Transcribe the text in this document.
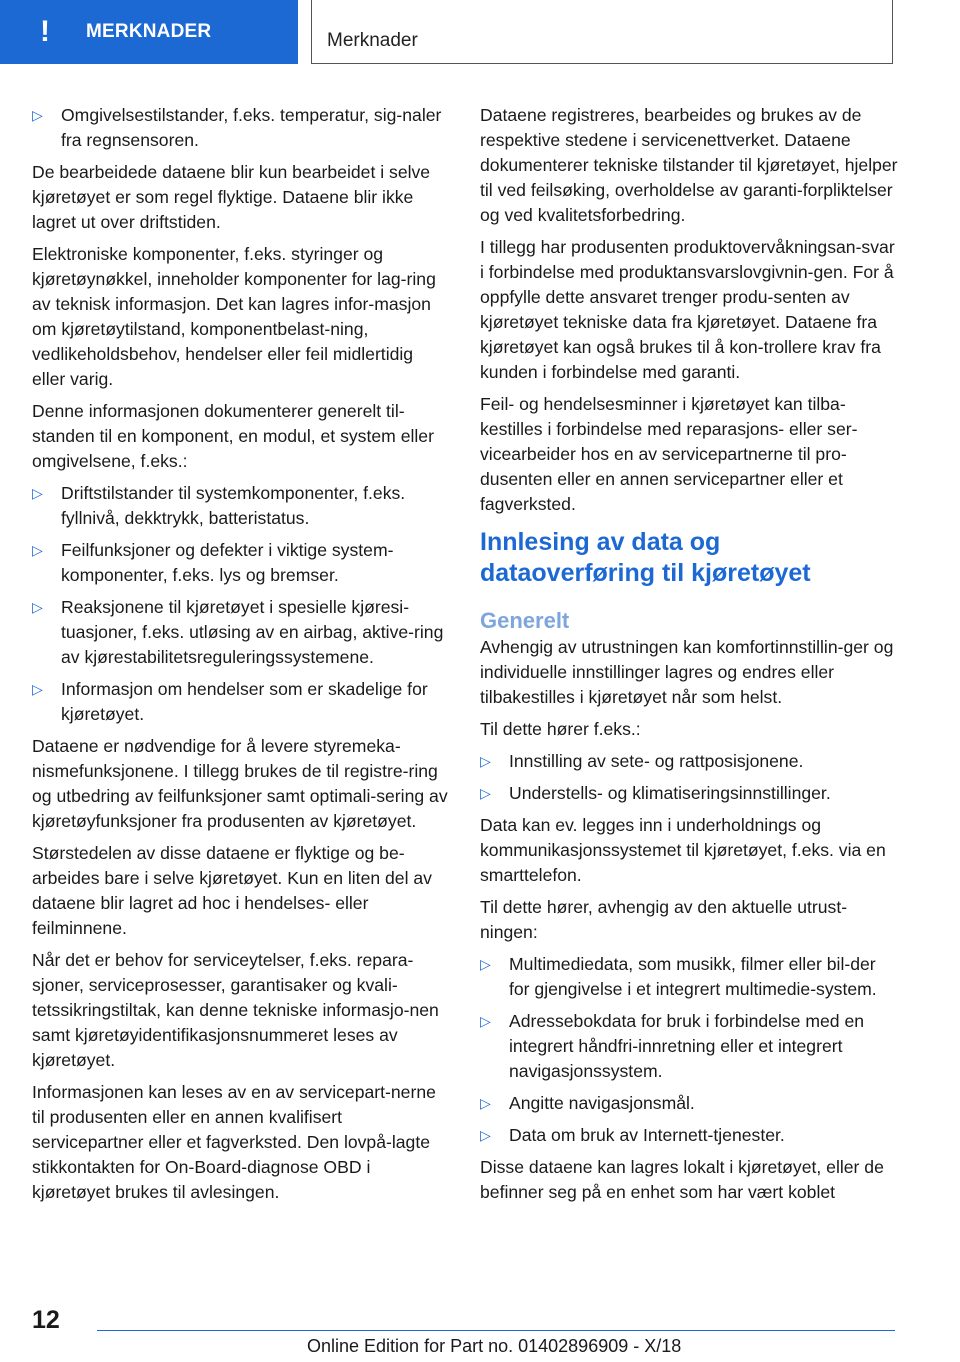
!	MERKNADER	Merknader
▷
Omgivelsestilstander, f.eks. temperatur, sig‐naler fra regnsensoren.

De bearbeidede dataene blir kun bearbeidet i selve kjøretøyet er som regel flyktige. Dataene blir ikke lagret ut over driftstiden.

Elektroniske komponenter, f.eks. styringer og kjøretøynøkkel, inneholder komponenter for lag‐ring av teknisk informasjon. Det kan lagres infor‐masjon om kjøretøytilstand, komponentbelast‐ning, vedlikeholdsbehov, hendelser eller feil midlertidig eller varig.

Denne informasjonen dokumenterer generelt til‐standen til en komponent, en modul, et system eller omgivelsene, f.eks.:

▷
Driftstilstander til systemkomponenter, f.eks. fyllnivå, dekktrykk, batteristatus.
▷
Feilfunksjoner og defekter i viktige system‐komponenter, f.eks. lys og bremser.
▷
Reaksjonene til kjøretøyet i spesielle kjøresi‐tuasjoner, f.eks. utløsing av en airbag, aktive‐ring av kjørestabilitetsreguleringssystemene.
▷
Informasjon om hendelser som er skadelige for kjøretøyet.

Dataene er nødvendige for å levere styremeka‐nismefunksjonene. I tillegg brukes de til registre‐ring og utbedring av feilfunksjoner samt optimali‐sering av kjøretøyfunksjoner fra produsenten av kjøretøyet.

Størstedelen av disse dataene er flyktige og be‐arbeides bare i selve kjøretøyet. Kun en liten del av dataene blir lagret ad hoc i hendelses- eller feilminnene.

Når det er behov for serviceytelser, f.eks. repara‐sjoner, serviceprosesser, garantisaker og kvali‐tetssikringstiltak, kan denne tekniske informasjo‐nen samt kjøretøyidentifikasjonsnummeret leses av kjøretøyet.

Informasjonen kan leses av en av servicepart‐nerne til produsenten eller en annen kvalifisert servicepartner eller et fagverksted. Den lovpå‐lagte stikkontakten for On-Board-diagnose OBD i kjøretøyet brukes til avlesingen.

Dataene registreres, bearbeides og brukes av de respektive stedene i servicenettverket. Dataene dokumenterer tekniske tilstander til kjøretøyet, hjelper til ved feilsøking, overholdelse av garanti‐forpliktelser og ved kvalitetsforbedring.

I tillegg har produsenten produktovervåkningsan‐svar i forbindelse med produktansvarslovgivnin‐gen. For å oppfylle dette ansvaret trenger produ‐senten av kjøretøyet tekniske data fra kjøretøyet. Dataene fra kjøretøyet kan også brukes til å kon‐trollere krav fra kunden i forbindelse med garanti.

Feil- og hendelsesminner i kjøretøyet kan tilba‐kestilles i forbindelse med reparasjons- eller ser‐vicearbeider hos en av servicepartnerne til pro‐dusenten eller en annen servicepartner eller et fagverksted.

Innlesing av data og dataoverføring til kjøretøyet
Generelt

Avhengig av utrustningen kan komfortinnstillin‐ger og individuelle innstillinger lagres og endres eller tilbakestilles i kjøretøyet når som helst.

Til dette hører f.eks.:

▷
Innstilling av sete- og rattposisjonene.
▷
Understells- og klimatiseringsinnstillinger.

Data kan ev. legges inn i underholdnings og kommunikasjonssystemet til kjøretøyet, f.eks. via en smarttelefon.

Til dette hører, avhengig av den aktuelle utrust‐ningen:

▷
Multimediedata, som musikk, filmer eller bil‐der for gjengivelse i et integrert multimedie‐system.
▷
Adressebokdata for bruk i forbindelse med en integrert håndfri-innretning eller et integrert navigasjonssystem.
▷
Angitte navigasjonsmål.
▷
Data om bruk av Internett-tjenester.

Disse dataene kan lagres lokalt i kjøretøyet, eller de befinner seg på en enhet som har vært koblet

12
Online Edition for Part no. 01402896909 - X/18
